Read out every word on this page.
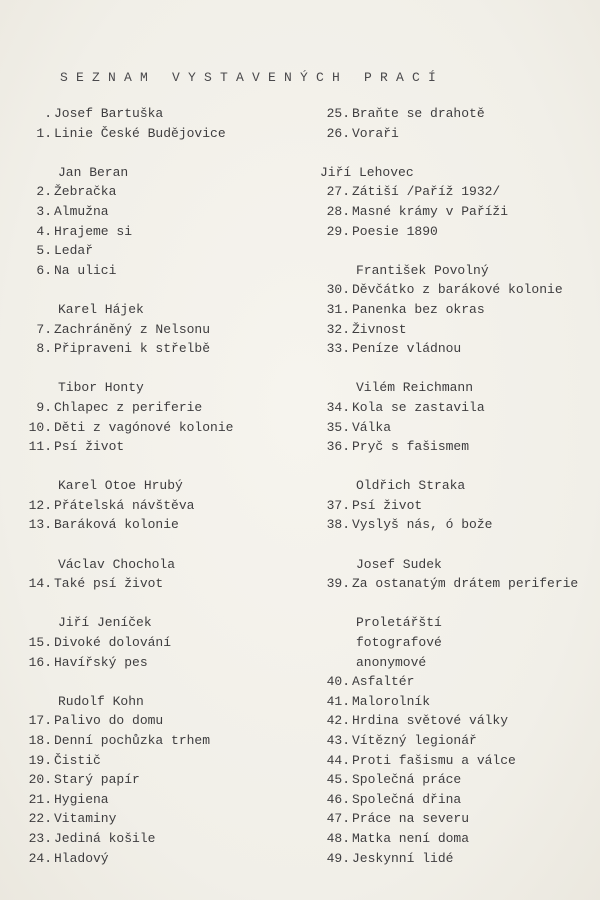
SEZNAM VYSTAVENÝCH PRACÍ
. Josef Bartuška
1. Linie České Budějovice
Jan Beran
2. Žebračka
3. Almužna
4. Hrajeme si
5. Ledař
6. Na ulici
Karel Hájek
7. Zachráněný z Nelsonu
8. Připraveni k střelbě
Tibor Honty
9. Chlapec z periferie
10. Děti z vagónové kolonie
11. Psí život
Karel Otoe Hrubý
12. Přátelská návštěva
13. Baráková kolonie
Václav Chochola
14. Také psí život
Jiří Jeníček
15. Divoké dolování
16. Havířský pes
Rudolf Kohn
17. Palivo do domu
18. Denní pochůzka trhem
19. Čistič
20. Starý papír
21. Hygiena
22. Vitaminy
23. Jediná košile
24. Hladový
25. Braňte se drahotě
26. Voraři
Jiří Lehovec
27. Zátiší /Paříž 1932/
28. Masné krámy v Paříži
29. Poesie 1890
František Povolný
30. Děvčátko z barákové kolonie
31. Panenka bez okras
32. Živnost
33. Peníze vládnou
Vilém Reichmann
34. Kola se zastavila
35. Válka
36. Pryč s fašismem
Oldřich Straka
37. Psí život
38. Vyslyš nás, ó bože
Josef Sudek
39. Za ostanatým drátem periferie
Proletářští
fotografové
anonymové
40. Asfaltér
41. Malorolník
42. Hrdina světové války
43. Vítězný legionář
44. Proti fašismu a válce
45. Společná práce
46. Společná dřina
47. Práce na severu
48. Matka není doma
49. Jeskynní lidé
